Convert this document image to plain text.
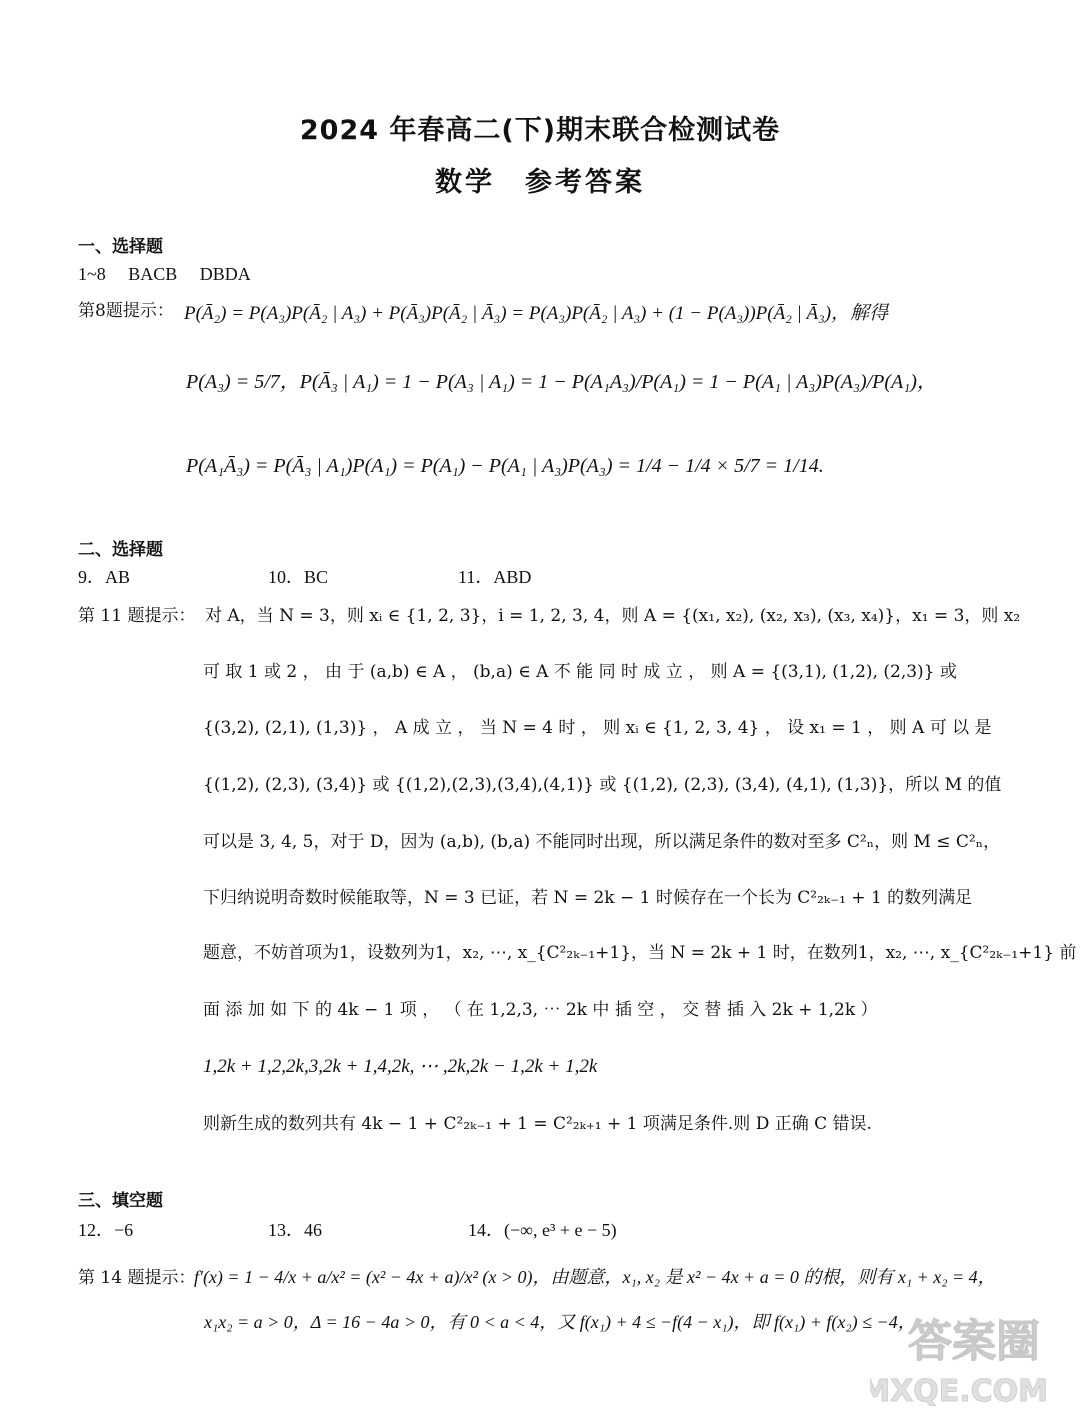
2024 年春高二(下)期末联合检测试卷
数学　参考答案
一、选择题
1~8　 BACB　 DBDA
第8题提示： P(Ā₂) = P(A₃)P(Ā₂ | A₃) + P(Ā₃)P(Ā₂ | Ā₃) = P(A₃)P(Ā₂ | A₃) + (1 − P(A₃))P(Ā₂ | Ā₃)，解得
P(A₃) = 5/7，P(Ā₃ | A₁) = 1 − P(A₃ | A₁) = 1 − P(A₁A₃)/P(A₁) = 1 − P(A₁ | A₃)P(A₃)/P(A₁)，
P(A₁Ā₃) = P(Ā₃ | A₁)P(A₁) = P(A₁) − P(A₁ | A₃)P(A₃) = 1/4 − 1/4 × 5/7 = 1/14.
二、选择题
9．AB	10．BC	11．ABD
第 11 题提示： 对 A，当 N = 3，则 xᵢ ∈ {1, 2, 3}，i = 1, 2, 3, 4，则 A = {(x₁, x₂), (x₂, x₃), (x₃, x₄)}，x₁ = 3，则 x₂
可 取 1 或 2 ， 由 于 (a,b) ∈ A ， (b,a) ∈ A 不 能 同 时 成 立 ， 则 A = {(3,1), (1,2), (2,3)} 或
{(3,2), (2,1), (1,3)} ， A 成 立 ， 当 N = 4 时 ， 则 xᵢ ∈ {1, 2, 3, 4} ， 设 x₁ = 1 ， 则 A 可 以 是
{(1,2), (2,3), (3,4)} 或 {(1,2),(2,3),(3,4),(4,1)} 或 {(1,2), (2,3), (3,4), (4,1), (1,3)}，所以 M 的值
可以是 3, 4, 5，对于 D，因为 (a,b), (b,a) 不能同时出现，所以满足条件的数对至多 C²ₙ，则 M ≤ C²ₙ，
下归纳说明奇数时候能取等，N = 3 已证，若 N = 2k − 1 时候存在一个长为 C²₂ₖ₋₁ + 1 的数列满足
题意，不妨首项为1，设数列为1，x₂, ⋯, x_{C²₂ₖ₋₁+1}，当 N = 2k + 1 时，在数列1，x₂, ⋯, x_{C²₂ₖ₋₁+1} 前
面 添 加 如 下 的 4k − 1 项 ， （ 在 1,2,3, ⋯ 2k 中 插 空 ， 交 替 插 入 2k + 1,2k ）
1,2k + 1,2,2k,3,2k + 1,4,2k, ⋯ ,2k,2k − 1,2k + 1,2k
则新生成的数列共有 4k − 1 + C²₂ₖ₋₁ + 1 = C²₂ₖ₊₁ + 1 项满足条件.则 D 正确 C 错误.
三、填空题
12．−6	13．46	14．(−∞, e³ + e − 5)
第 14 题提示：
f′(x) = 1 − 4/x + a/x² = (x² − 4x + a)/x² (x > 0)，由题意，x₁, x₂ 是 x² − 4x + a = 0 的根，则有 x₁ + x₂ = 4，
x₁x₂ = a > 0，Δ = 16 − 4a > 0，有 0 < a < 4，又 f(x₁) + 4 ≤ −f(4 − x₁)，即 f(x₁) + f(x₂) ≤ −4，
答案圈
MXQE.COM
